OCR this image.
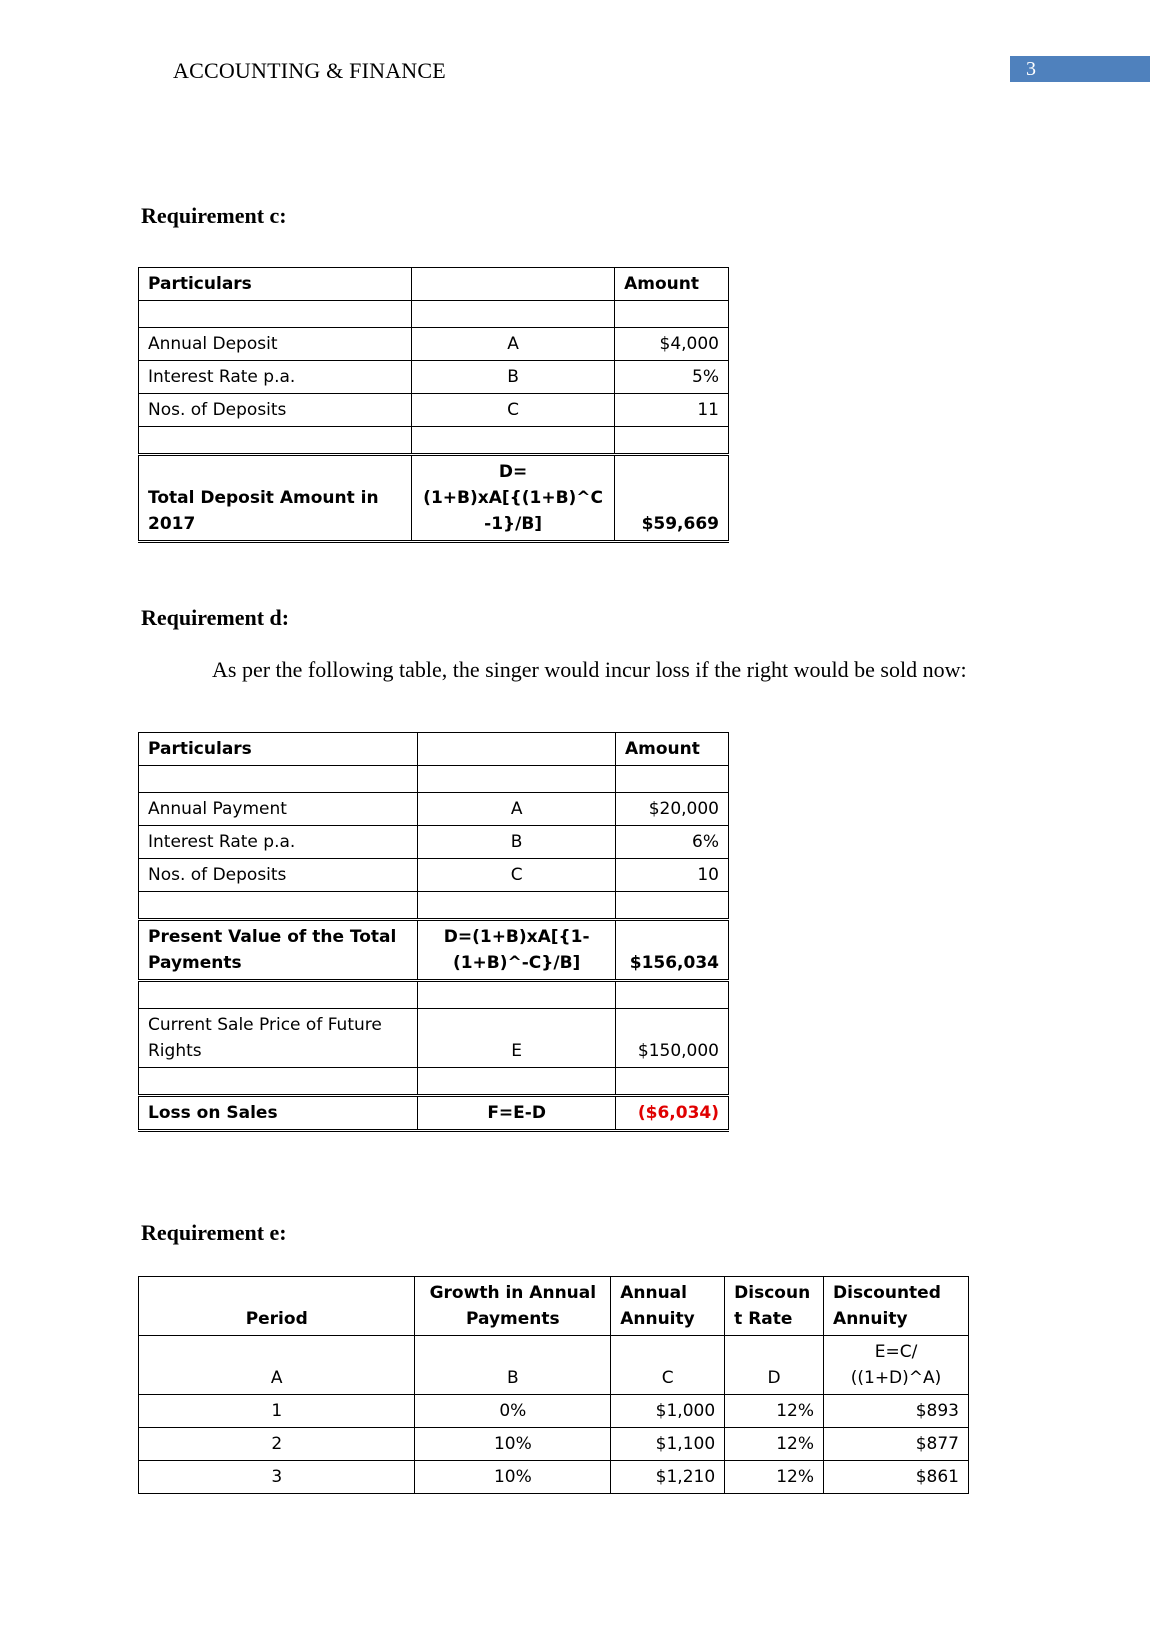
ACCOUNTING & FINANCE	3
Requirement c:
Particulars		Amount

Annual Deposit	A	$4,000
Interest Rate p.a.	B	5%
Nos. of Deposits	C	11

Total Deposit Amount in 2017	D=(1+B)xA[{(1+B)^C -1}/B]	$59,669
Requirement d:
As per the following table, the singer would incur loss if the right would be sold now:
Particulars		Amount

Annual Payment	A	$20,000
Interest Rate p.a.	B	6%
Nos. of Deposits	C	10

Present Value of the Total Payments	D=(1+B)xA[{1-(1+B)^-C}/B]	$156,034

Current Sale Price of Future Rights	E	$150,000

Loss on Sales	F=E-D	($6,034)
Requirement e:
Period	Growth in Annual Payments	Annual Annuity	Discount Rate	Discounted Annuity
A	B	C	D	E=C/ ((1+D)^A)
1	0%	$1,000	12%	$893
2	10%	$1,100	12%	$877
3	10%	$1,210	12%	$861
